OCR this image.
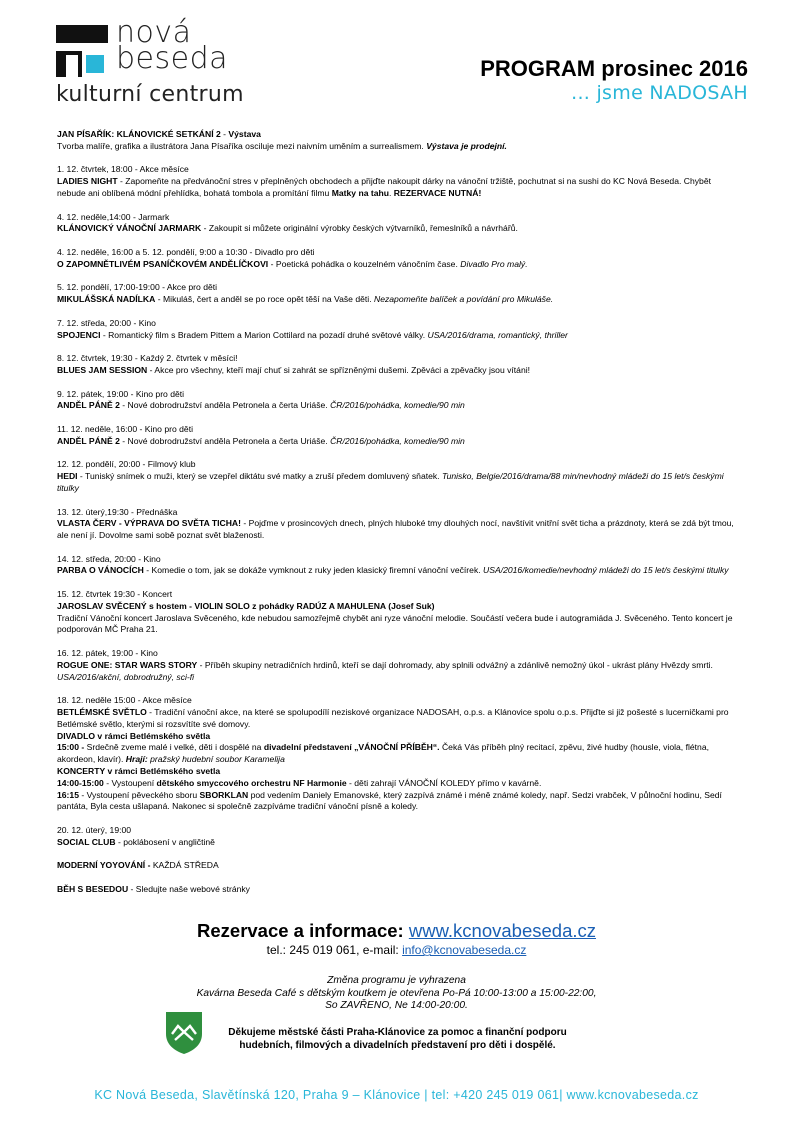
nová
beseda
kulturní centrum
PROGRAM prosinec 2016
... jsme NADOSAH

JAN PÍSAŘÍK: KLÁNOVICKÉ SETKÁNÍ 2 - Výstava

Tvorba malíře, grafika a ilustrátora Jana Písaříka osciluje mezi naivním uměním a surrealismem. Výstava je prodejní.

1. 12. čtvrtek, 18:00 - Akce měsíce

LADIES NIGHT - Zapomeňte na předvánoční stres v přeplněných obchodech a přijďte nakoupit dárky na vánoční tržiště, pochutnat si na sushi do KC Nová Beseda. Chybět nebude ani oblíbená módní přehlídka, bohatá tombola a promítání filmu Matky na tahu. REZERVACE NUTNÁ!

4. 12. neděle,14:00 - Jarmark

KLÁNOVICKÝ VÁNOČNÍ JARMARK - Zakoupit si můžete originální výrobky českých výtvarníků, řemeslníků a návrhářů.

4. 12. neděle, 16:00 a 5. 12. pondělí, 9:00 a 10:30 - Divadlo pro děti

O ZAPOMNĚTLIVÉM PSANÍČKOVÉM ANDĚLÍČKOVI - Poetická pohádka o kouzelném vánočním čase. Divadlo Pro malý.

5. 12. pondělí, 17:00-19:00 - Akce pro děti

MIKULÁŠSKÁ NADÍLKA - Mikuláš, čert a anděl se po roce opět těší na Vaše děti. Nezapomeňte balíček a povídání pro Mikuláše.

7. 12. středa, 20:00 - Kino

SPOJENCI - Romantický film s Bradem Pittem a Marion Cottilard na pozadí druhé světové války. USA/2016/drama, romantický, thriller

8. 12. čtvrtek, 19:30 - Každý 2. čtvrtek v měsíci!

BLUES JAM SESSION - Akce pro všechny, kteří mají chuť si zahrát se spřízněnými dušemi. Zpěváci a zpěvačky jsou vítáni!

9. 12. pátek, 19:00 - Kino pro děti

ANDĚL PÁNĚ 2 - Nové dobrodružství anděla Petronela a čerta Uriáše. ČR/2016/pohádka, komedie/90 min

11. 12. neděle, 16:00 - Kino pro děti

ANDĚL PÁNĚ 2 - Nové dobrodružství anděla Petronela a čerta Uriáše. ČR/2016/pohádka, komedie/90 min

12. 12. pondělí, 20:00 - Filmový klub

HEDI - Tuniský snímek o muži, který se vzepřel diktátu své matky a zruší předem domluvený sňatek. Tunisko, Belgie/2016/drama/88 min/nevhodný mládeži do 15 let/s českými titulky

13. 12. úterý,19:30 - Přednáška

VLASTA ČERV - VÝPRAVA DO SVĚTA TICHA! - Pojďme v prosincových dnech, plných hluboké tmy dlouhých nocí, navštívit vnitřní svět ticha a prázdnoty, která se zdá být tmou, ale není jí. Dovolme sami sobě poznat svět blaženosti.

14. 12. středa, 20:00 - Kino

PARBA O VÁNOCÍCH - Komedie o tom, jak se dokáže vymknout z ruky jeden klasický firemní vánoční večírek. USA/2016/komedie/nevhodný mládeži do 15 let/s českými titulky

15. 12. čtvrtek 19:30 - Koncert

JAROSLAV SVĚCENÝ s hostem - VIOLIN SOLO z pohádky RADÚZ A MAHULENA (Josef Suk)

Tradiční Vánoční koncert Jaroslava Svěceného, kde nebudou samozřejmě chybět ani ryze vánoční melodie. Součástí večera bude i autogramiáda J. Svěceného. Tento koncert je podporován MČ Praha 21.

16. 12. pátek, 19:00 - Kino

ROGUE ONE: STAR WARS STORY - Příběh skupiny netradičních hrdinů, kteří se dají dohromady, aby splnili odvážný a zdánlivě nemožný úkol - ukrást plány Hvězdy smrti. USA/2016/akční, dobrodružný, sci-fi

18. 12. neděle 15:00 - Akce měsíce

BETLÉMSKÉ SVĚTLO - Tradiční vánoční akce, na které se spolupodílí neziskové organizace NADOSAH, o.p.s. a Klánovice spolu o.p.s. Přijďte si již pošesté s lucerničkami pro Betlémské světlo, kterými si rozsvítíte své domovy.

DIVADLO v rámci Betlémského světla

15:00 - Srdečně zveme malé i velké, děti i dospělé na divadelní představení „VÁNOČNÍ PŘÍBĚH“. Čeká Vás příběh plný recitací, zpěvu, živé hudby (housle, viola, flétna, akordeon, klavír). Hrají: pražský hudební soubor Karamelija

KONCERTY v rámci Betlémského svetla

14:00-15:00 - Vystoupení dětského smyccového orchestru NF Harmonie - děti zahrají VÁNOČNÍ KOLEDY přímo v kavárně.

16:15 - Vystoupení pěveckého sboru SBORKLAN pod vedením Daniely Emanovské, který zazpívá známé i méně známé koledy, např. Sedzi vrabček, V půlnoční hodinu, Sedí pantáta, Byla cesta ušlapaná. Nakonec si společně zazpíváme tradiční vánoční písně a koledy.

20. 12. úterý, 19:00

SOCIAL CLUB - poklábosení v angličtině

MODERNÍ YOYOVÁNÍ - KAŽDÁ STŘEDA

BĚH S BESEDOU - Sledujte naše webové stránky

Rezervace a informace: www.kcnovabeseda.cz
tel.: 245 019 061, e-mail: info@kcnovabeseda.cz
Změna programu je vyhrazena
Kavárna Beseda Café s dětským koutkem je otevřena Po-Pá 10:00-13:00 a 15:00-22:00,
So ZAVŘENO, Ne 14:00-20:00.
Děkujeme městské části Praha-Klánovice za pomoc a finanční podporu
hudebních, filmových a divadelních představení pro děti i dospělé.
KC Nová Beseda, Slavětínská 120, Praha 9 – Klánovice | tel: +420 245 019 061| www.kcnovabeseda.cz
